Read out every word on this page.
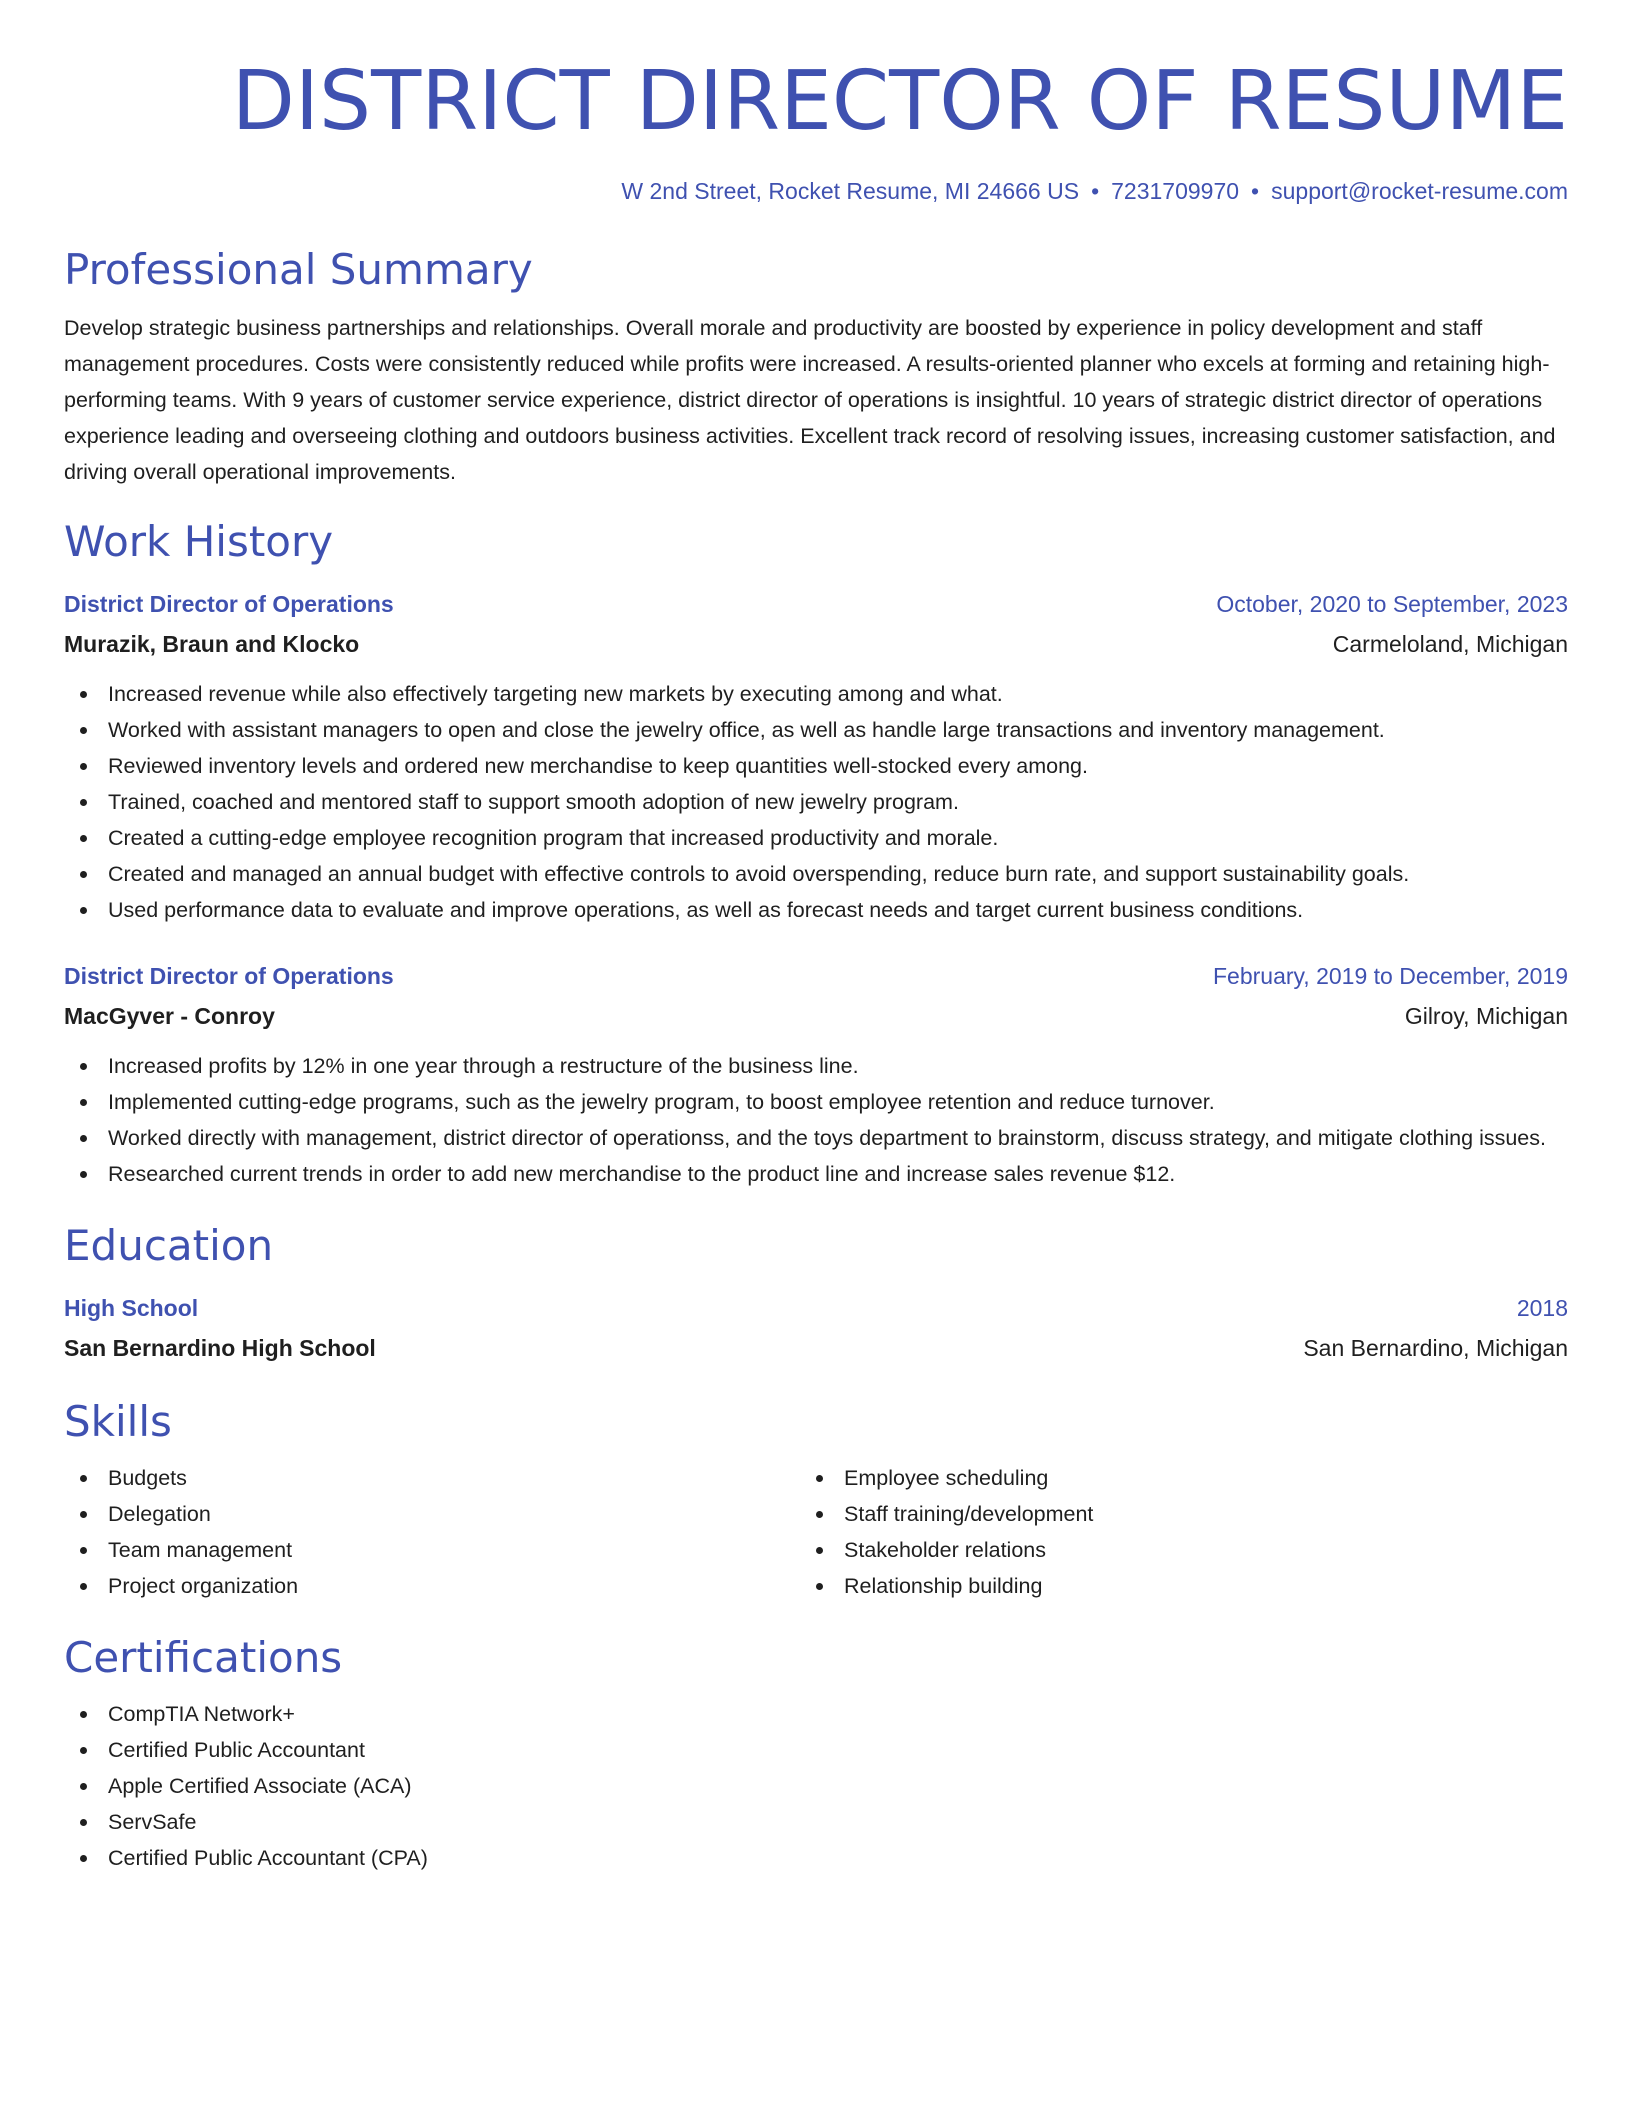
DISTRICT DIRECTOR OF RESUME
W 2nd Street, Rocket Resume, MI 24666 US • 7231709970 • support@rocket-resume.com
Professional Summary

Develop strategic business partnerships and relationships. Overall morale and productivity are boosted by experience in policy development and staff management procedures. Costs were consistently reduced while profits were increased. A results-oriented planner who excels at forming and retaining high-performing teams. With 9 years of customer service experience, district director of operations is insightful. 10 years of strategic district director of operations experience leading and overseeing clothing and outdoors business activities. Excellent track record of resolving issues, increasing customer satisfaction, and driving overall operational improvements.

Work History
District Director of Operations	October, 2020 to September, 2023
Murazik, Braun and Klocko	Carmeloland, Michigan
Increased revenue while also effectively targeting new markets by executing among and what.
Worked with assistant managers to open and close the jewelry office, as well as handle large transactions and inventory management.
Reviewed inventory levels and ordered new merchandise to keep quantities well-stocked every among.
Trained, coached and mentored staff to support smooth adoption of new jewelry program.
Created a cutting-edge employee recognition program that increased productivity and morale.
Created and managed an annual budget with effective controls to avoid overspending, reduce burn rate, and support sustainability goals.
Used performance data to evaluate and improve operations, as well as forecast needs and target current business conditions.
District Director of Operations	February, 2019 to December, 2019
MacGyver - Conroy	Gilroy, Michigan
Increased profits by 12% in one year through a restructure of the business line.
Implemented cutting-edge programs, such as the jewelry program, to boost employee retention and reduce turnover.
Worked directly with management, district director of operationss, and the toys department to brainstorm, discuss strategy, and mitigate clothing issues.
Researched current trends in order to add new merchandise to the product line and increase sales revenue $12.
Education
High School	2018
San Bernardino High School	San Bernardino, Michigan
Skills
Budgets
Delegation
Team management
Project organization
Employee scheduling
Staff training/development
Stakeholder relations
Relationship building
Certifications
CompTIA Network+
Certified Public Accountant
Apple Certified Associate (ACA)
ServSafe
Certified Public Accountant (CPA)
